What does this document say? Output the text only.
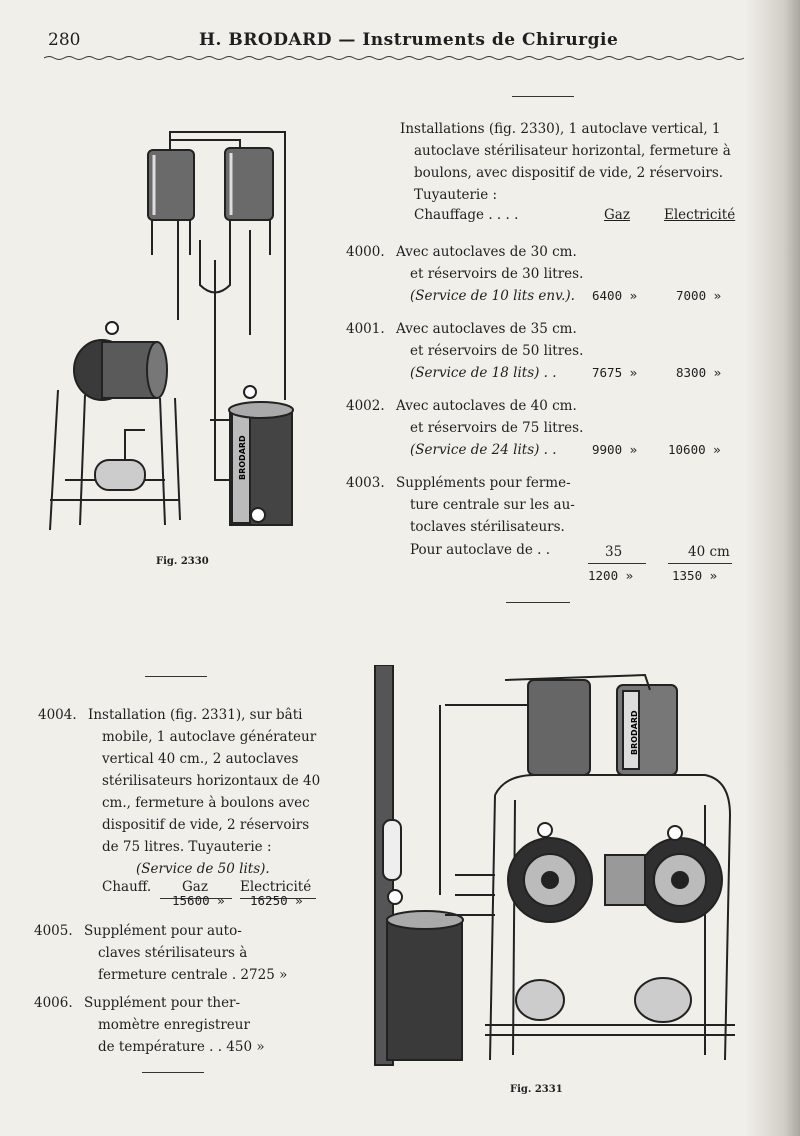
280	H. BRODARD — Instruments de Chirurgie
BRODARD
Fig. 2330
Installations (fig. 2330), 1 autoclave vertical, 1
autoclave stérilisateur horizontal, fermeture à
boulons, avec dispositif de vide, 2 réservoirs.
Tuyauterie :
Chauffage . . . .	Gaz	Electricité
4000. Avec autoclaves de 30 cm.
et réservoirs de 30 litres.
(Service de 10 lits env.). 6400 »	7000 »
4001. Avec autoclaves de 35 cm.
et réservoirs de 50 litres.
(Service de 18 lits) . .	7675 »	8300 »
4002. Avec autoclaves de 40 cm.
et réservoirs de 75 litres.
(Service de 24 lits) . .	9900 » 10600 »
4003. Suppléments pour ferme-
ture centrale sur les au-
toclaves stérilisateurs.
Pour autoclave de . .	35	40 cm
1200 »	1350 »
4004. Installation (fig. 2331), sur bâti
mobile, 1 autoclave générateur
vertical 40 cm., 2 autoclaves
stérilisateurs horizontaux de 40
cm., fermeture à boulons avec
dispositif de vide, 2 réservoirs
de 75 litres. Tuyauterie :
(Service de 50 lits).
Chauff. Gaz Electricité
15600 » 16250 »
4005. Supplément pour auto-
claves stérilisateurs à
fermeture centrale . 2725 »
4006. Supplément pour ther-
momètre enregistreur
de température . . 450 »
BRODARD
Fig. 2331
